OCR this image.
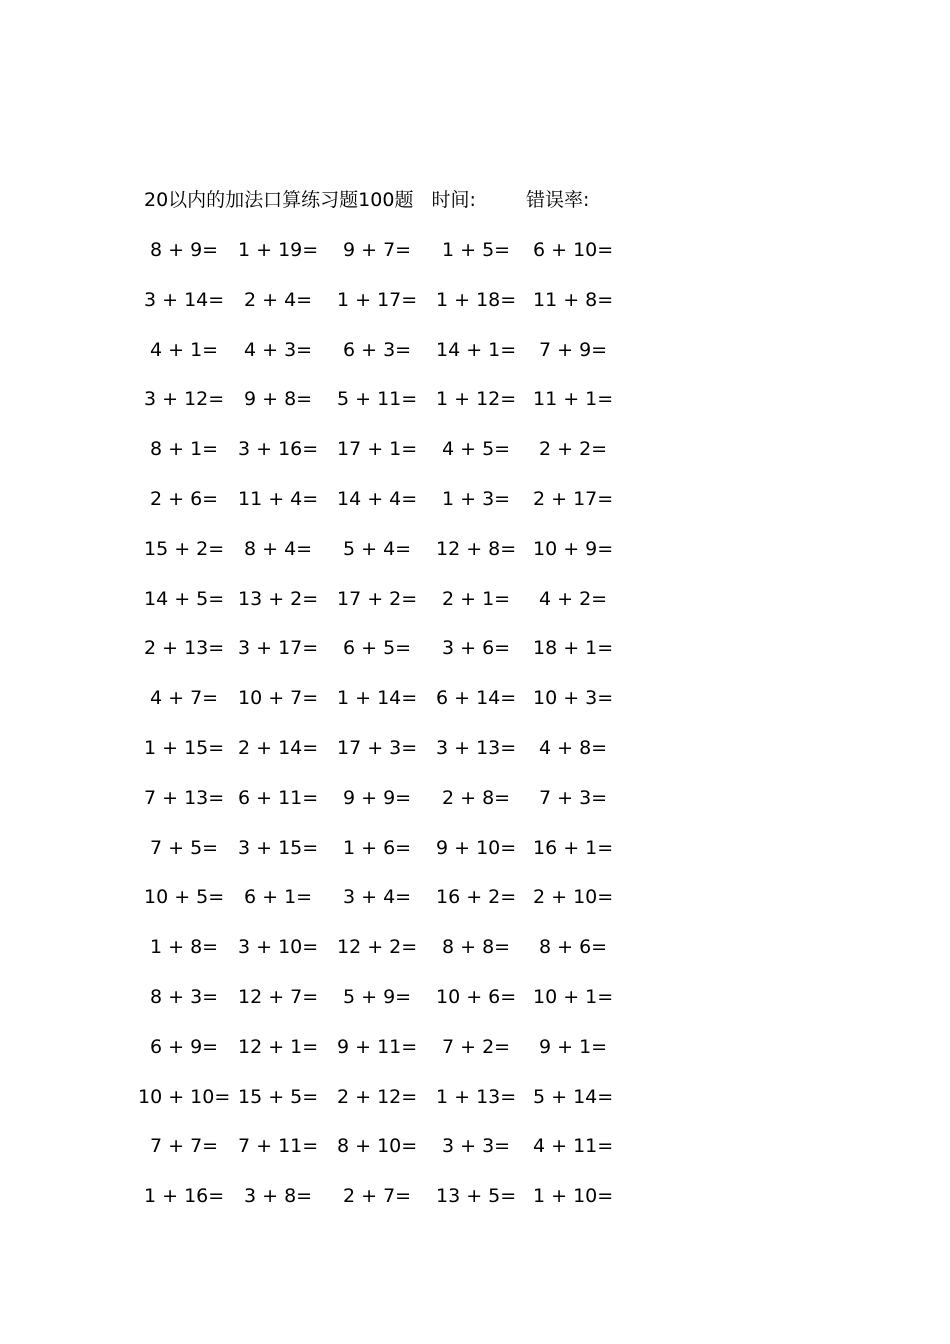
20以内的加法口算练习题100题 时间:	错误率:
8 + 9= 1 + 19= 9 + 7= 1 + 5= 6 + 10=
3 + 14= 2 + 4= 1 + 17= 1 + 18= 11 + 8=
4 + 1= 4 + 3= 6 + 3= 14 + 1= 7 + 9=
3 + 12= 9 + 8= 5 + 11= 1 + 12= 11 + 1=
8 + 1= 3 + 16= 17 + 1= 4 + 5= 2 + 2=
2 + 6= 11 + 4= 14 + 4= 1 + 3= 2 + 17=
15 + 2= 8 + 4= 5 + 4= 12 + 8= 10 + 9=
14 + 5= 13 + 2= 17 + 2= 2 + 1= 4 + 2=
2 + 13= 3 + 17= 6 + 5= 3 + 6= 18 + 1=
4 + 7= 10 + 7= 1 + 14= 6 + 14= 10 + 3=
1 + 15= 2 + 14= 17 + 3= 3 + 13= 4 + 8=
7 + 13= 6 + 11= 9 + 9= 2 + 8= 7 + 3=
7 + 5= 3 + 15= 1 + 6= 9 + 10= 16 + 1=
10 + 5= 6 + 1= 3 + 4= 16 + 2= 2 + 10=
1 + 8= 3 + 10= 12 + 2= 8 + 8= 8 + 6=
8 + 3= 12 + 7= 5 + 9= 10 + 6= 10 + 1=
6 + 9= 12 + 1= 9 + 11= 7 + 2= 9 + 1=
10 + 10= 15 + 5= 2 + 12= 1 + 13= 5 + 14=
7 + 7= 7 + 11= 8 + 10= 3 + 3= 4 + 11=
1 + 16= 3 + 8= 2 + 7= 13 + 5= 1 + 10=
